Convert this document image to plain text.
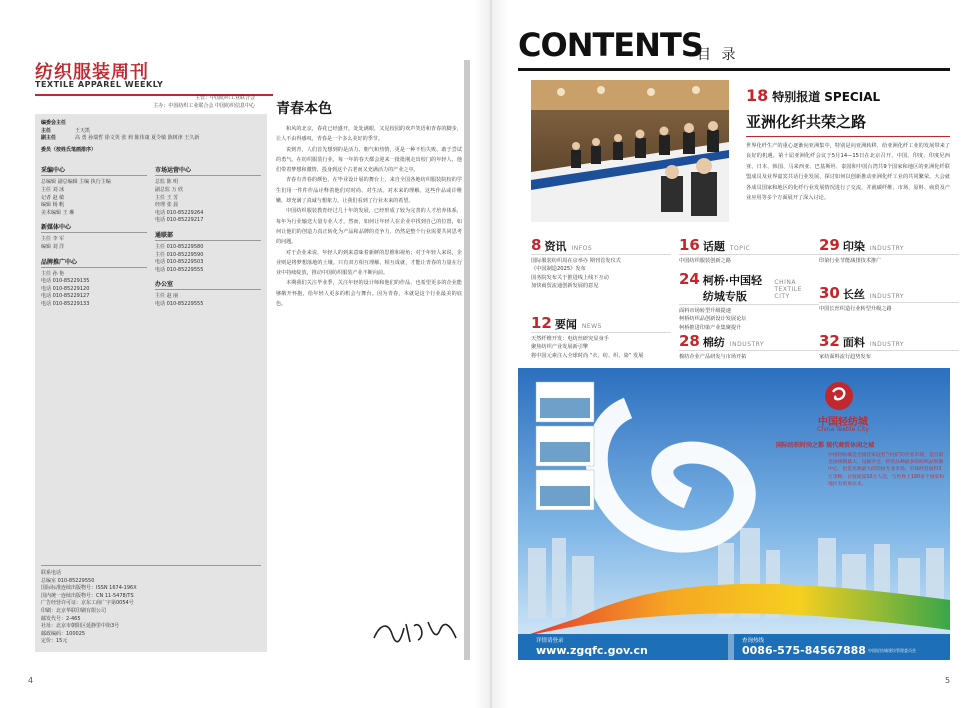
纺织服装周刊
TEXTILE APPAREL WEEKLY
主管：中国纺织工业联合会
主办：中国纺织工业联合会 中国纺织信息中心
编委会主任
主任	王天凯
副主任	高 勇 孙瑞哲 徐文英 张 莉 陈伟康 夏令敏 陈树津 王久新
委员（按姓氏笔画排序）
采编中心
总编辑 副总编辑 主编 执行主编
主任 刘 冰
记者 赵 敏
编辑 杨 帆
美术编辑 王 琳
新媒体中心
主任 李 军
编辑 刘 洋
品牌推广中心
主任 孙 艳
电话 010-85229135
电话 010-85229120
电话 010-85229127
电话 010-85229133
市场运营中心
总监 陈 明
副总监 万 欣
主任 王 芳
经理 张 晨
电话 010-85229264
电话 010-85229217
通联部
主任 010-85229580
主任 010-85229590
电话 010-85229503
电话 010-85229555
办公室
主任 赵 丽
电话 010-85229555
联系电话
总编室 010-85229550
国际标准连续出版物号：ISSN 1674-196X
国内统一连续出版物号：CN 11-5478/TS
广告经营许可证：京东工商广字第0054号
印刷：北京华联印刷有限公司
邮发代号：2-465
社址：北京市朝阳区延静里中街3号
邮政编码：100025
定价：15元
青春本色

和风的北京，春花已经盛开，处处满眼，又见校园的欢声笑语和青春的脚步，让人不由得感叹，青春是一个多么美好的季节。

说到青，人们首先想到的是活力、朝气和热情，更是一种不怕失败、敢于尝试的勇气。在纺织服装行业，每一年的春天都会迎来一批批刚走出校门的年轻人，他们带着梦想和激情，投身到这个古老而又充满活力的产业之中。

青春有青春的颜色，在毕业设计展的舞台上，来自全国各地纺织服装院校的学生们用一件件作品诠释着他们对时尚、对生活、对未来的理解。这些作品或许稚嫩，却充满了真诚与想象力，让我们看到了行业未来的希望。

中国纺织服装教育经过几十年的发展，已经形成了较为完善的人才培养体系，每年为行业输送大量专业人才。然而，如何让年轻人在企业中找到自己的位置，如何让他们的创造力真正转化为产品和品牌的竞争力，仍然是整个行业需要共同思考的问题。

对于企业来说，年轻人的到来意味着新鲜的思维和视角；对于年轻人来说，企业则是将梦想落地的土壤。只有双方相互理解、相互成就，才能让青春的力量在行业中持续绽放，推动中国纺织服装产业不断向前。

本期我们关注毕业季，关注年轻的设计师和他们的作品，也希望更多的企业能够敞开怀抱，给年轻人更多的机会与舞台。因为青春，本就是这个行业最美的底色。

4
CONTENTS
目 录
18 特别报道 SPECIAL
亚洲化纤共荣之路
世界化纤生产的重心逐渐向亚洲集中，特别是向亚洲转移，给亚洲化纤工业的发展带来了良好的机遇。第十届亚洲化纤会议于5月14—15日在北京召开，中国、印度、印度尼西亚、日本、韩国、马来西亚、巴基斯坦、泰国和中国台湾共9个国家和地区的亚洲化纤联盟成员及业界嘉宾共话行业发展，探讨如何以创新推动亚洲化纤工业的共同繁荣。大会就各成员国家和地区的化纤行业发展情况进行了交流，并就碳纤维、市场、原料、商贸及产业应用等多个方面展开了深入讨论。
8 资讯 INFOS
国际服装纺织周在京举办 期刊首发仪式
《中国制造2025》发布
国务院发布关于推进线上线下互动
加快商贸流通创新发展的意见
12 要闻 NEWS
天然纤维开发：电纺丝研究显身手
聚焦纺织产业发展新引擎
将中国元素注入全球时尚 “衣、纺、织、染” 发展
16 话题 TOPIC
中国纺织服装创新之路
24 柯桥·中国轻纺城专版
CHINA TEXTILE CITY
面料市场转型升级提速
柯桥纺织品创新设计发展论坛
柯桥推进印染产业集聚提升
28 棉纺 INDUSTRY
棉纺企业产品研发与市场开拓
29 印染 INDUSTRY
印染行业节能减排技术推广
30 长丝 INDUSTRY
中国长丝织造行业转型升级之路
32 面料 INDUSTRY
家纺面料流行趋势发布
中国轻纺城
China Textile City
国际纺织时尚之都 现代商贸休闲之城
中国轻纺城是全国首家冠名“中国”的专业市场，是目前全国规模最大、设施齐全、经营品种最多的纺织品集散中心，也是亚洲最大的轻纺专业市场。市场经营面料3万余种，日客流量10万人次，与世界上190多个国家和地区有贸易往来。
详情请登录
www.zgqfc.gov.cn
查询热线
0086-575-84567888 中国轻纺城建设管理委员会
5
